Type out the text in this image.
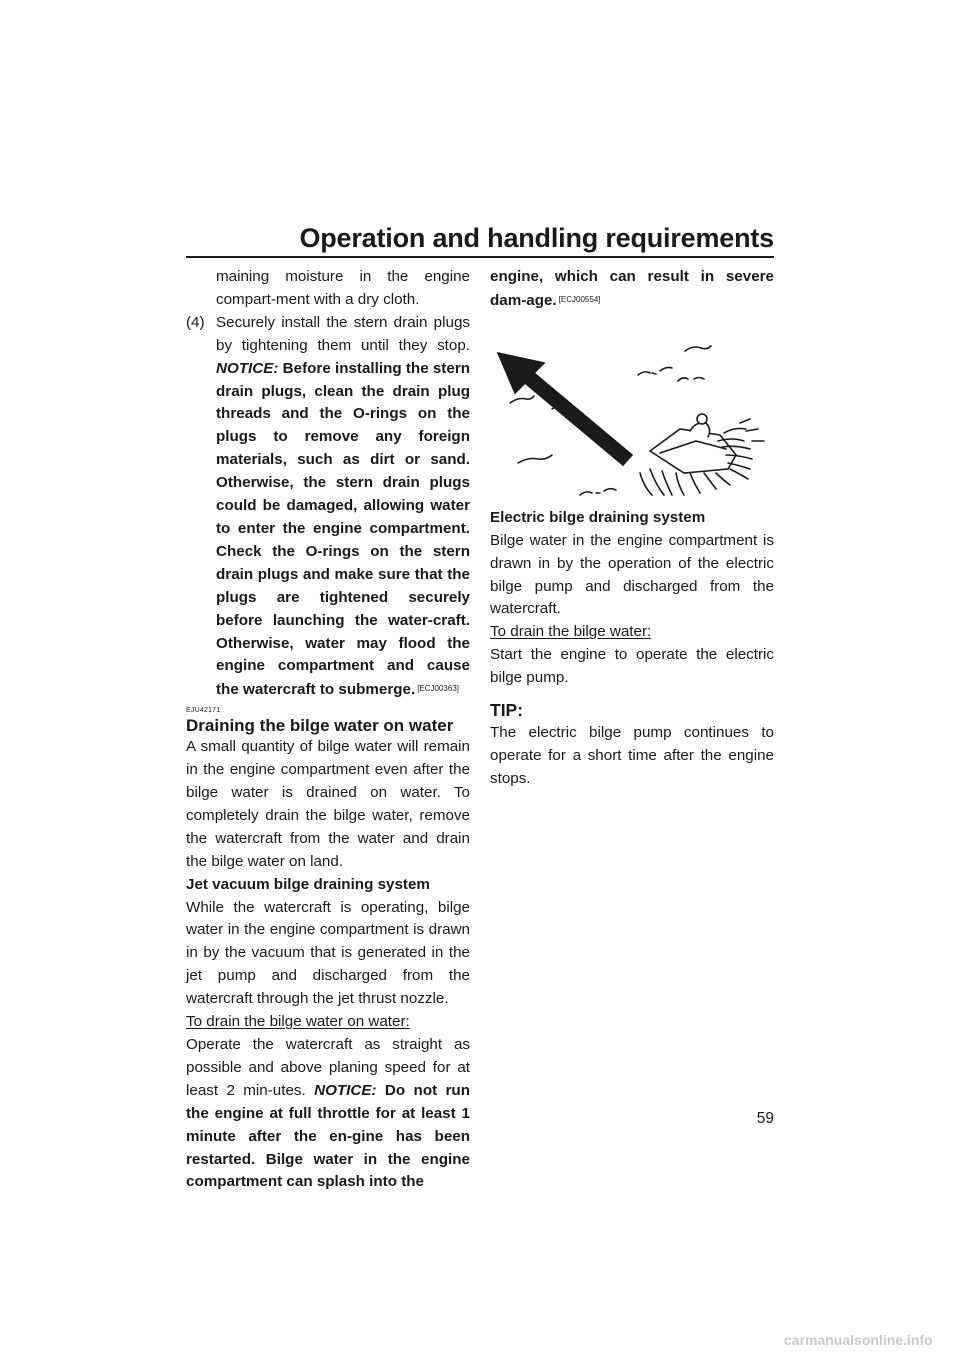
Operation and handling requirements

maining moisture in the engine compart-ment with a dry cloth.

(4) Securely install the stern drain plugs by tightening them until they stop. NOTICE: Before installing the stern drain plugs, clean the drain plug threads and the O-rings on the plugs to remove any foreign materials, such as dirt or sand. Otherwise, the stern drain plugs could be damaged, allowing water to enter the engine compartment. Check the O-rings on the stern drain plugs and make sure that the plugs are tightened securely before launching the water-craft. Otherwise, water may flood the engine compartment and cause the watercraft to submerge. [ECJ00363]
EJU42171
Draining the bilge water on water

A small quantity of bilge water will remain in the engine compartment even after the bilge water is drained on water. To completely drain the bilge water, remove the watercraft from the water and drain the bilge water on land.

Jet vacuum bilge draining system

While the watercraft is operating, bilge water in the engine compartment is drawn in by the vacuum that is generated in the jet pump and discharged from the watercraft through the jet thrust nozzle.

To drain the bilge water on water:

Operate the watercraft as straight as possible and above planing speed for at least 2 min-utes. NOTICE: Do not run the engine at full throttle for at least 1 minute after the en-gine has been restarted. Bilge water in the engine compartment can splash into the

engine, which can result in severe dam-age. [ECJ00554]

Electric bilge draining system

Bilge water in the engine compartment is drawn in by the operation of the electric bilge pump and discharged from the watercraft.

To drain the bilge water:

Start the engine to operate the electric bilge pump.

TIP:

The electric bilge pump continues to operate for a short time after the engine stops.

59
carmanualsonline.info
